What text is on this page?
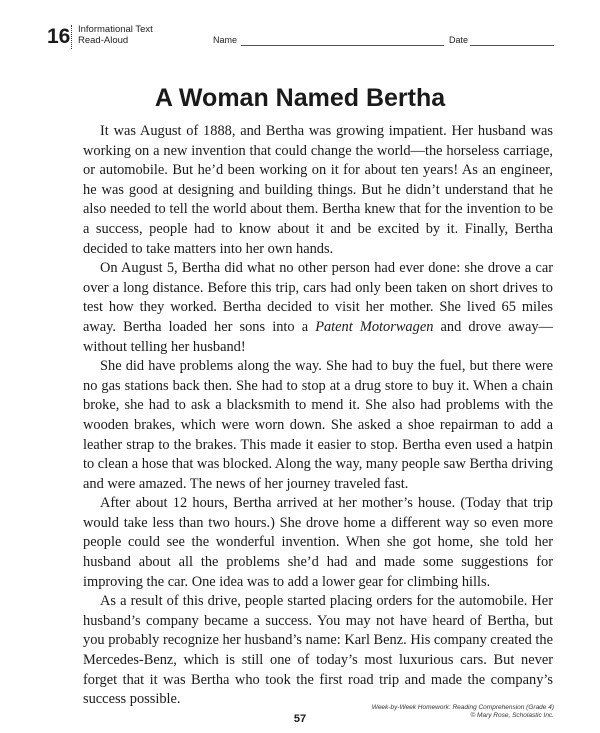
16 Informational Text
Read-Aloud	Name	Date
A Woman Named Bertha

It was August of 1888, and Bertha was growing impatient. Her husband was working on a new invention that could change the world—the horseless carriage, or automobile. But he’d been working on it for about ten years! As an engineer, he was good at designing and building things. But he didn’t understand that he also needed to tell the world about them. Bertha knew that for the invention to be a success, people had to know about it and be excited by it. Finally, Bertha decided to take matters into her own hands.

On August 5, Bertha did what no other person had ever done: she drove a car over a long distance. Before this trip, cars had only been taken on short drives to test how they worked. Bertha decided to visit her mother. She lived 65 miles away. Bertha loaded her sons into a Patent Motorwagen and drove away—without telling her husband!

She did have problems along the way. She had to buy the fuel, but there were no gas stations back then. She had to stop at a drug store to buy it. When a chain broke, she had to ask a blacksmith to mend it. She also had problems with the wooden brakes, which were worn down. She asked a shoe repairman to add a leather strap to the brakes. This made it easier to stop. Bertha even used a hatpin to clean a hose that was blocked. Along the way, many people saw Bertha driving and were amazed. The news of her journey traveled fast.

After about 12 hours, Bertha arrived at her mother’s house. (Today that trip would take less than two hours.) She drove home a different way so even more people could see the wonderful invention. When she got home, she told her husband about all the problems she’d had and made some suggestions for improving the car. One idea was to add a lower gear for climbing hills.

As a result of this drive, people started placing orders for the automobile. Her husband’s company became a success. You may not have heard of Bertha, but you probably recognize her husband’s name: Karl Benz. His company created the Mercedes-Benz, which is still one of today’s most luxurious cars. But never forget that it was Bertha who took the first road trip and made the company’s success possible.

57
Week-by-Week Homework: Reading Comprehension (Grade 4)
© Mary Rose, Scholastic Inc.
